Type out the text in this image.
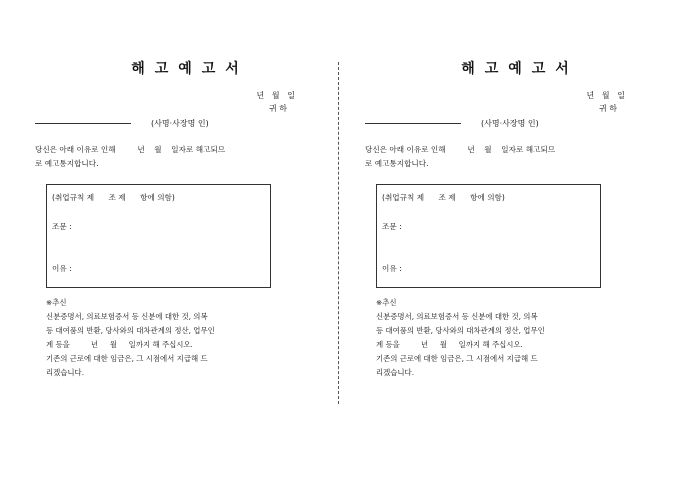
해고예고서
년   월   일
귀 하
(사명·사장명 인)
당신은 아래 이유로 인해         년    월    일자로 해고되므
로 예고통지합니다.
(취업규칙 제      조 제      항에 의함)
조문 :
이유 :
※추신
신분증명서, 의료보험증서 등 신분에 대한 것, 의복
등 대여품의 반환, 당사와의 대차관계의 정산, 업무인
계 등을         년     월     일까지 해 주십시오.
기존의 근로에 대한 임금은, 그 시점에서 지급해 드
리겠습니다.
해고예고서
년   월   일
귀 하
(사명·사장명 인)
당신은 아래 이유로 인해         년    월    일자로 해고되므
로 예고통지합니다.
(취업규칙 제      조 제      항에 의함)
조문 :
이유 :
※추신
신분증명서, 의료보험증서 등 신분에 대한 것, 의복
등 대여품의 반환, 당사와의 대차관계의 정산, 업무인
계 등을         년     월     일까지 해 주십시오.
기존의 근로에 대한 임금은, 그 시점에서 지급해 드
리겠습니다.
